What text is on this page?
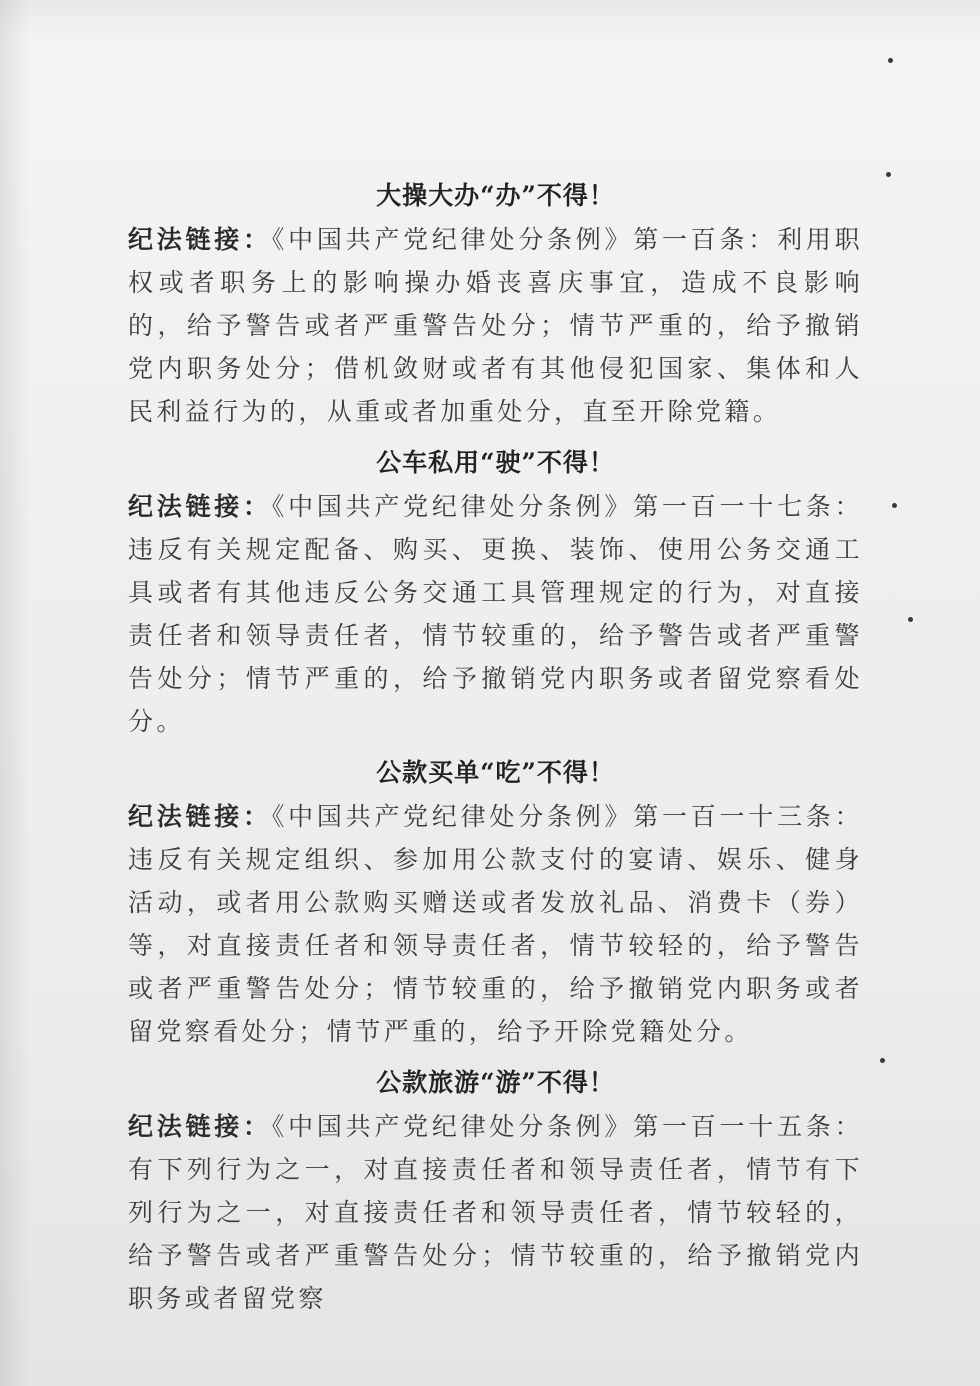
大操大办“办”不得！

纪法链接：《中国共产党纪律处分条例》第一百条：利用职权或者职务上的影响操办婚丧喜庆事宜，造成不良影响的，给予警告或者严重警告处分；情节严重的，给予撤销党内职务处分；借机敛财或者有其他侵犯国家、集体和人民利益行为的，从重或者加重处分，直至开除党籍。

公车私用“驶”不得！

纪法链接：《中国共产党纪律处分条例》第一百一十七条：违反有关规定配备、购买、更换、装饰、使用公务交通工具或者有其他违反公务交通工具管理规定的行为，对直接责任者和领导责任者，情节较重的，给予警告或者严重警告处分；情节严重的，给予撤销党内职务或者留党察看处分。

公款买单“吃”不得！

纪法链接：《中国共产党纪律处分条例》第一百一十三条：违反有关规定组织、参加用公款支付的宴请、娱乐、健身活动，或者用公款购买赠送或者发放礼品、消费卡（券）等，对直接责任者和领导责任者，情节较轻的，给予警告或者严重警告处分；情节较重的，给予撤销党内职务或者留党察看处分；情节严重的，给予开除党籍处分。

公款旅游“游”不得！

纪法链接：《中国共产党纪律处分条例》第一百一十五条：有下列行为之一，对直接责任者和领导责任者，情节有下列行为之一，对直接责任者和领导责任者，情节较轻的，给予警告或者严重警告处分；情节较重的，给予撤销党内职务或者留党察
